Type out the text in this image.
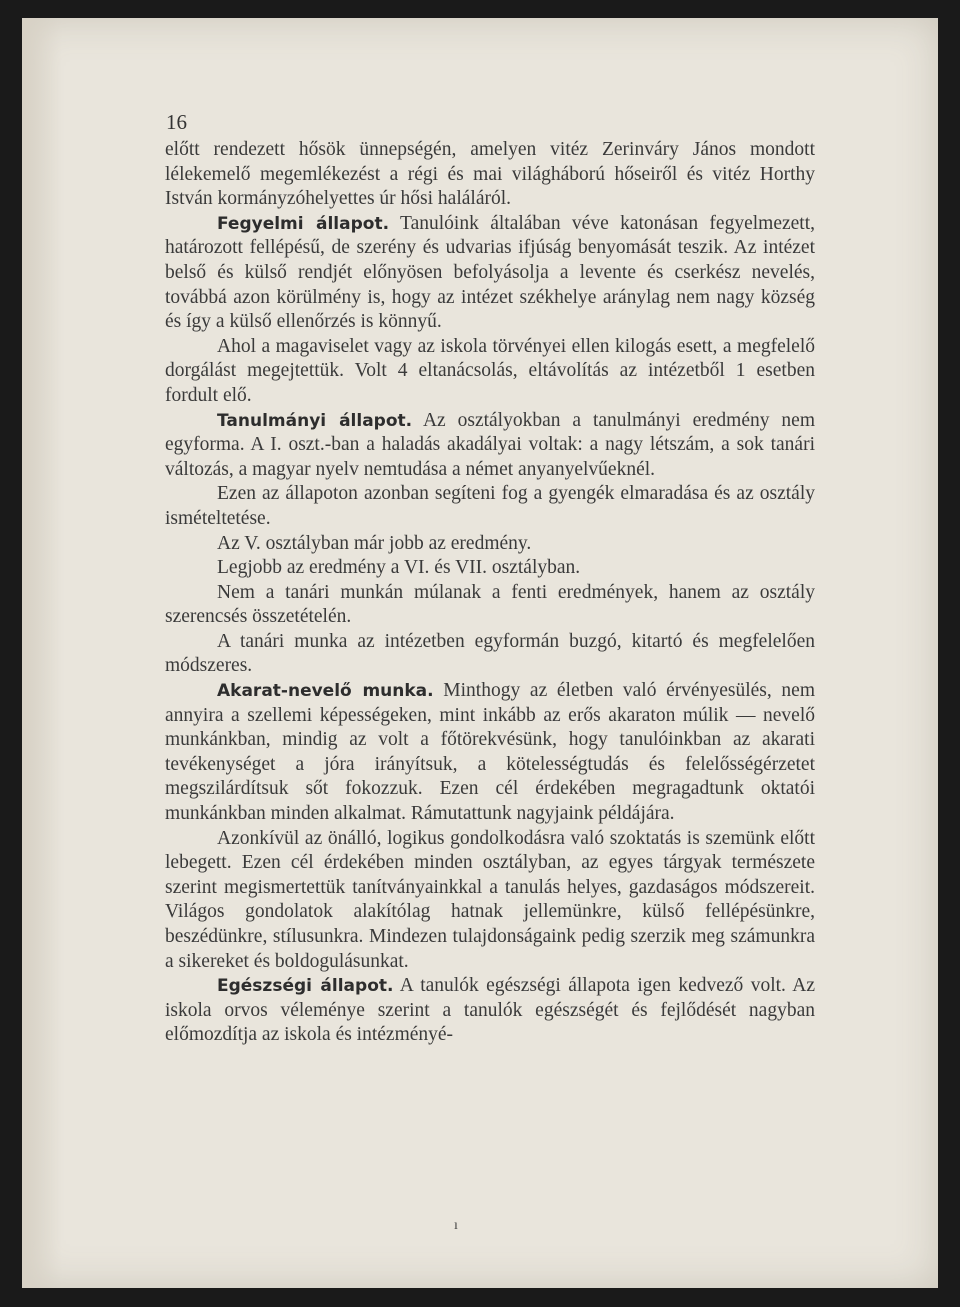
16

előtt rendezett hősök ünnepségén, amelyen vitéz Zerinváry János mondott lélekemelő megemlékezést a régi és mai világháború hőseiről és vitéz Horthy István kormányzóhelyettes úr hősi haláláról.

Fegyelmi állapot. Tanulóink általában véve katonásan fegyelmezett, határozott fellépésű, de szerény és udvarias ifjúság benyomását teszik. Az intézet belső és külső rendjét előnyösen befolyásolja a levente és cserkész nevelés, továbbá azon körülmény is, hogy az intézet székhelye aránylag nem nagy község és így a külső ellenőrzés is könnyű.

Ahol a magaviselet vagy az iskola törvényei ellen kilogás esett, a megfelelő dorgálást megejtettük. Volt 4 eltanácsolás, eltávolítás az intézetből 1 esetben fordult elő.

Tanulmányi állapot. Az osztályokban a tanulmányi eredmény nem egyforma. A I. oszt.-ban a haladás akadályai voltak: a nagy létszám, a sok tanári változás, a magyar nyelv nemtudása a német anyanyelvűeknél.

Ezen az állapoton azonban segíteni fog a gyengék elmaradása és az osztály ismételtetése.

Az V. osztályban már jobb az eredmény.

Legjobb az eredmény a VI. és VII. osztályban.

Nem a tanári munkán múlanak a fenti eredmények, hanem az osztály szerencsés összetételén.

A tanári munka az intézetben egyformán buzgó, kitartó és megfelelően módszeres.

Akarat-nevelő munka. Minthogy az életben való érvényesülés, nem annyira a szellemi képességeken, mint inkább az erős akaraton múlik — nevelő munkánkban, mindig az volt a főtörekvésünk, hogy tanulóinkban az akarati tevékenységet a jóra irányítsuk, a kötelességtudás és felelősségérzetet megszilárdítsuk sőt fokozzuk. Ezen cél érdekében megragadtunk oktatói munkánkban minden alkalmat. Rámutattunk nagyjaink példájára.

Azonkívül az önálló, logikus gondolkodásra való szoktatás is szemünk előtt lebegett. Ezen cél érdekében minden osztályban, az egyes tárgyak természete szerint megismertettük tanítványainkkal a tanulás helyes, gazdaságos módszereit. Világos gondolatok alakítólag hatnak jellemünkre, külső fellépésünkre, beszédünkre, stílusunkra. Mindezen tulajdonságaink pedig szerzik meg számunkra a sikereket és boldogulásunkat.

Egészségi állapot. A tanulók egészségi állapota igen kedvező volt. Az iskola orvos véleménye szerint a tanulók egészségét és fejlődését nagyban előmozdítja az iskola és intézményé-

ı
